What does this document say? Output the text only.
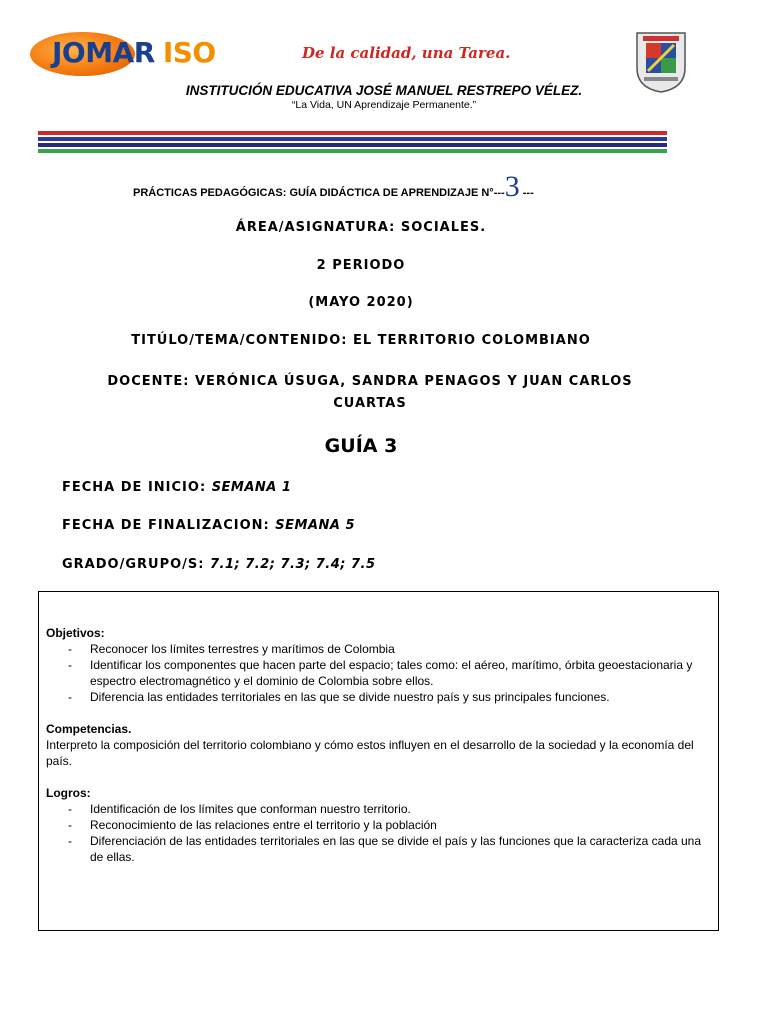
JOMAR ISO	De la calidad, una Tarea.
INSTITUCIÓN EDUCATIVA JOSÉ MANUEL RESTREPO VÉLEZ.
“La Vida, UN Aprendizaje Permanente.”
PRÁCTICAS PEDAGÓGICAS: GUÍA DIDÁCTICA DE APRENDIZAJE N°---3 ---
ÁREA/ASIGNATURA: SOCIALES.
2 PERIODO
(MAYO 2020)
TITÚLO/TEMA/CONTENIDO: EL TERRITORIO COLOMBIANO
DOCENTE: VERÓNICA ÚSUGA, SANDRA PENAGOS Y JUAN CARLOS CUARTAS
GUÍA 3
FECHA DE INICIO: SEMANA 1
FECHA DE FINALIZACION: SEMANA 5
GRADO/GRUPO/S: 7.1; 7.2; 7.3; 7.4; 7.5
Objetivos:
- Reconocer los límites terrestres y marítimos de Colombia
- Identificar los componentes que hacen parte del espacio; tales como: el aéreo, marítimo, órbita geoestacionaria y espectro electromagnético y el dominio de Colombia sobre ellos.
- Diferencia las entidades territoriales en las que se divide nuestro país y sus principales funciones.
Competencias.
Interpreto la composición del territorio colombiano y cómo estos influyen en el desarrollo de la sociedad y la economía del país.
Logros:
- Identificación de los límites que conforman nuestro territorio.
- Reconocimiento de las relaciones entre el territorio y la población
- Diferenciación de las entidades territoriales en las que se divide el país y las funciones que la caracteriza cada una de ellas.
